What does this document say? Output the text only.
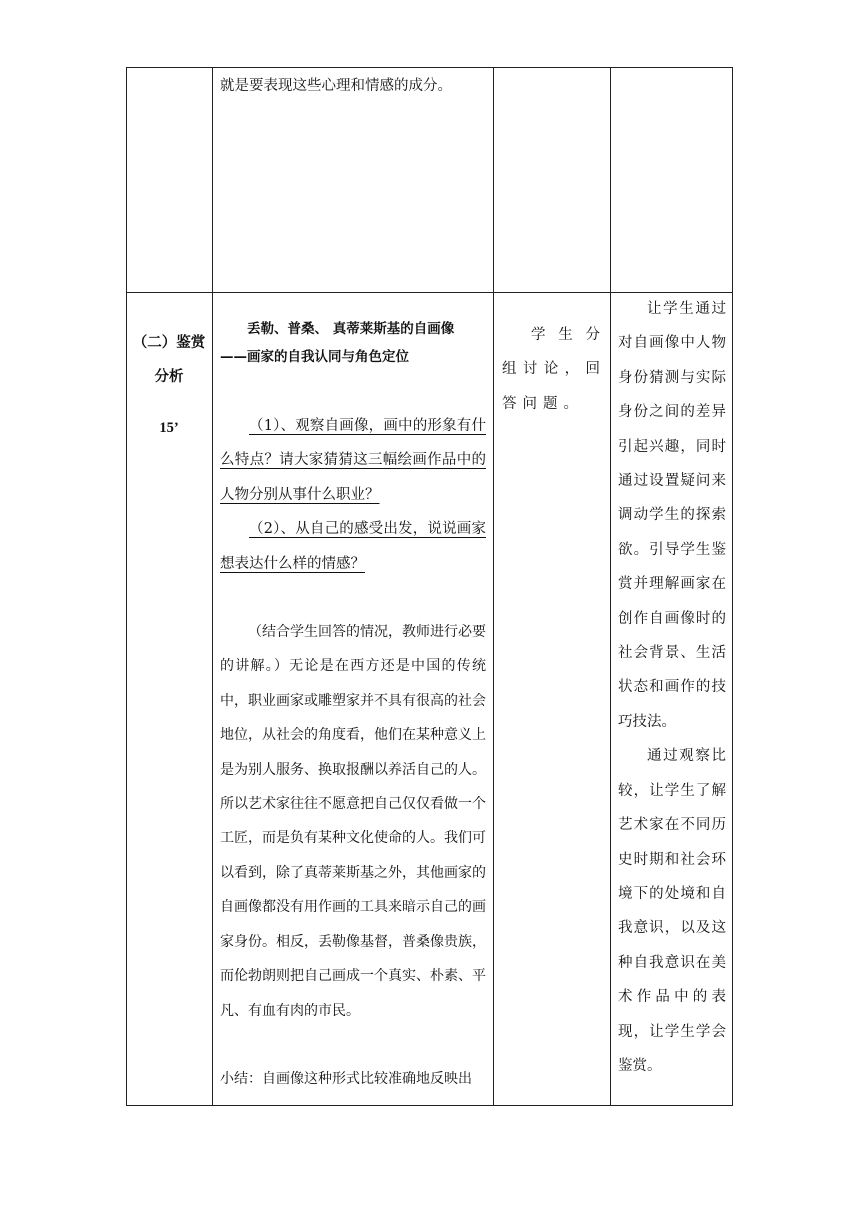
就是要表现这些心理和情感的成分。

（二）鉴赏

分析

15’

丢勒、普桑、 真蒂莱斯基的自画像

——画家的自我认同与角色定位

（1）、观察自画像，画中的形象有什么特点？请大家猜猜这三幅绘画作品中的人物分别从事什么职业？

（2）、从自己的感受出发，说说画家想表达什么样的情感？

（结合学生回答的情况，教师进行必要的讲解。）无论是在西方还是中国的传统中，职业画家或雕塑家并不具有很高的社会地位，从社会的角度看，他们在某种意义上是为别人服务、换取报酬以养活自己的人。所以艺术家往往不愿意把自己仅仅看做一个工匠，而是负有某种文化使命的人。我们可以看到，除了真蒂莱斯基之外，其他画家的自画像都没有用作画的工具来暗示自己的画家身份。相反，丢勒像基督，普桑像贵族，而伦勃朗则把自己画成一个真实、朴素、平凡、有血有肉的市民。

小结：自画像这种形式比较准确地反映出

学生分组讨论，回答问题。

让学生通过对自画像中人物身份猜测与实际身份之间的差异引起兴趣，同时通过设置疑问来调动学生的探索欲。引导学生鉴赏并理解画家在创作自画像时的社会背景、生活状态和画作的技巧技法。

通过观察比较，让学生了解艺术家在不同历史时期和社会环境下的处境和自我意识，以及这种自我意识在美术作品中的表现，让学生学会鉴赏。
